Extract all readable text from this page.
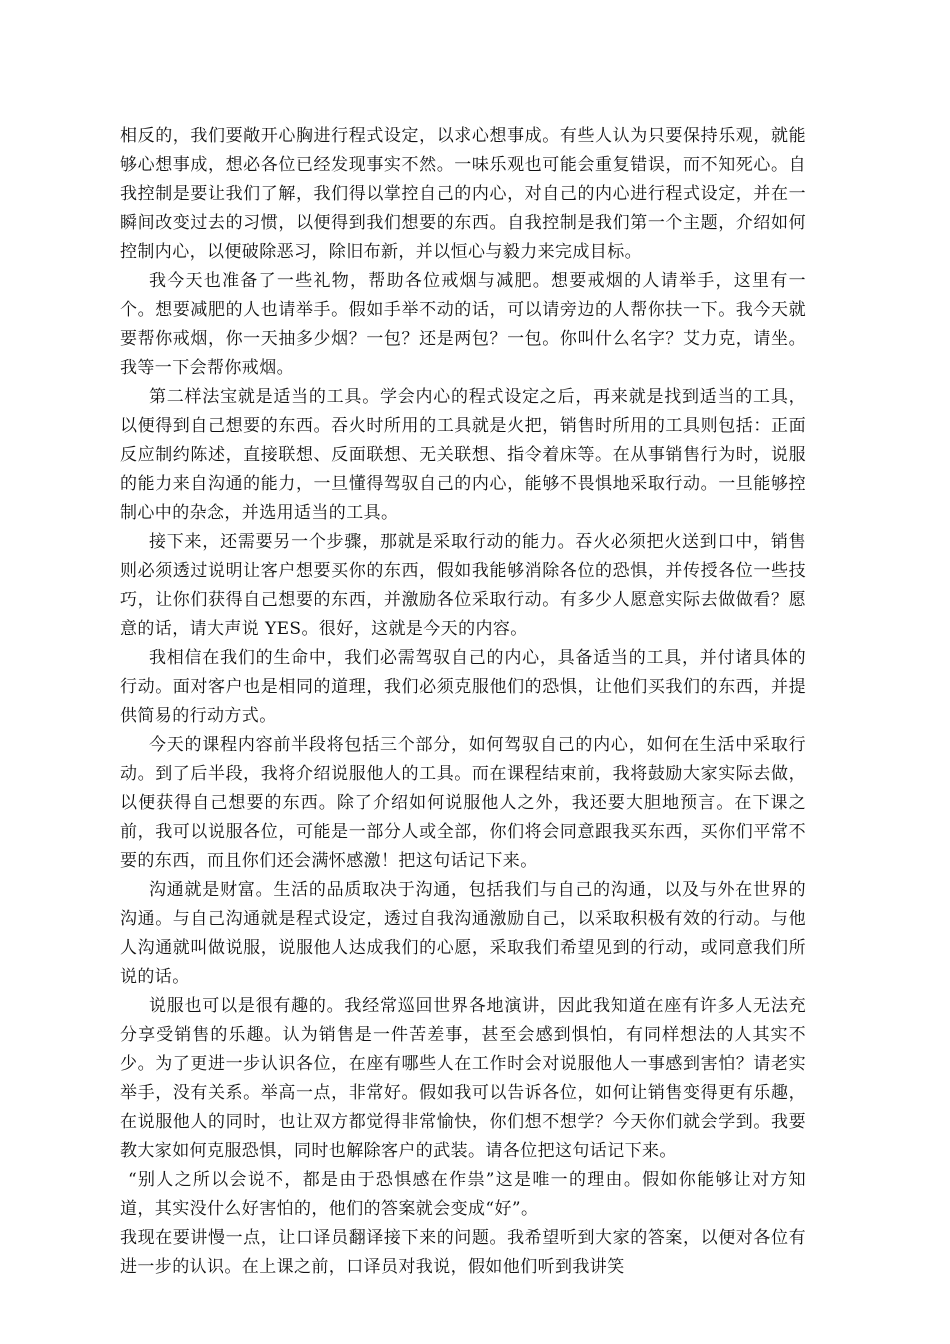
相反的，我们要敞开心胸进行程式设定，以求心想事成。有些人认为只要保持乐观，就能够心想事成，想必各位已经发现事实不然。一味乐观也可能会重复错误，而不知死心。自我控制是要让我们了解，我们得以掌控自己的内心，对自己的内心进行程式设定，并在一瞬间改变过去的习惯，以便得到我们想要的东西。自我控制是我们第一个主题，介绍如何控制内心，以便破除恶习，除旧布新，并以恒心与毅力来完成目标。

我今天也准备了一些礼物，帮助各位戒烟与减肥。想要戒烟的人请举手，这里有一个。想要减肥的人也请举手。假如手举不动的话，可以请旁边的人帮你扶一下。我今天就要帮你戒烟，你一天抽多少烟？一包？还是两包？一包。你叫什么名字？艾力克，请坐。我等一下会帮你戒烟。

第二样法宝就是适当的工具。学会内心的程式设定之后，再来就是找到适当的工具，以便得到自己想要的东西。吞火时所用的工具就是火把，销售时所用的工具则包括：正面反应制约陈述，直接联想、反面联想、无关联想、指令着床等。在从事销售行为时，说服的能力来自沟通的能力，一旦懂得驾驭自己的内心，能够不畏惧地采取行动。一旦能够控制心中的杂念，并选用适当的工具。

接下来，还需要另一个步骤，那就是采取行动的能力。吞火必须把火送到口中，销售则必须透过说明让客户想要买你的东西，假如我能够消除各位的恐惧，并传授各位一些技巧，让你们获得自己想要的东西，并激励各位采取行动。有多少人愿意实际去做做看？愿意的话，请大声说 YES。很好，这就是今天的内容。

我相信在我们的生命中，我们必需驾驭自己的内心，具备适当的工具，并付诸具体的行动。面对客户也是相同的道理，我们必须克服他们的恐惧，让他们买我们的东西，并提供简易的行动方式。

今天的课程内容前半段将包括三个部分，如何驾驭自己的内心，如何在生活中采取行动。到了后半段，我将介绍说服他人的工具。而在课程结束前，我将鼓励大家实际去做，以便获得自己想要的东西。除了介绍如何说服他人之外，我还要大胆地预言。在下课之前，我可以说服各位，可能是一部分人或全部，你们将会同意跟我买东西，买你们平常不要的东西，而且你们还会满怀感激！把这句话记下来。

沟通就是财富。生活的品质取决于沟通，包括我们与自己的沟通，以及与外在世界的沟通。与自己沟通就是程式设定，透过自我沟通激励自己，以采取积极有效的行动。与他人沟通就叫做说服，说服他人达成我们的心愿，采取我们希望见到的行动，或同意我们所说的话。

说服也可以是很有趣的。我经常巡回世界各地演讲，因此我知道在座有许多人无法充分享受销售的乐趣。认为销售是一件苦差事，甚至会感到惧怕，有同样想法的人其实不少。为了更进一步认识各位，在座有哪些人在工作时会对说服他人一事感到害怕？请老实举手，没有关系。举高一点，非常好。假如我可以告诉各位，如何让销售变得更有乐趣，在说服他人的同时，也让双方都觉得非常愉快，你们想不想学？今天你们就会学到。我要教大家如何克服恐惧，同时也解除客户的武装。请各位把这句话记下来。

“别人之所以会说不，都是由于恐惧感在作祟”这是唯一的理由。假如你能够让对方知道，其实没什么好害怕的，他们的答案就会变成“好”。

我现在要讲慢一点，让口译员翻译接下来的问题。我希望听到大家的答案，以便对各位有进一步的认识。在上课之前，口译员对我说，假如他们听到我讲笑
